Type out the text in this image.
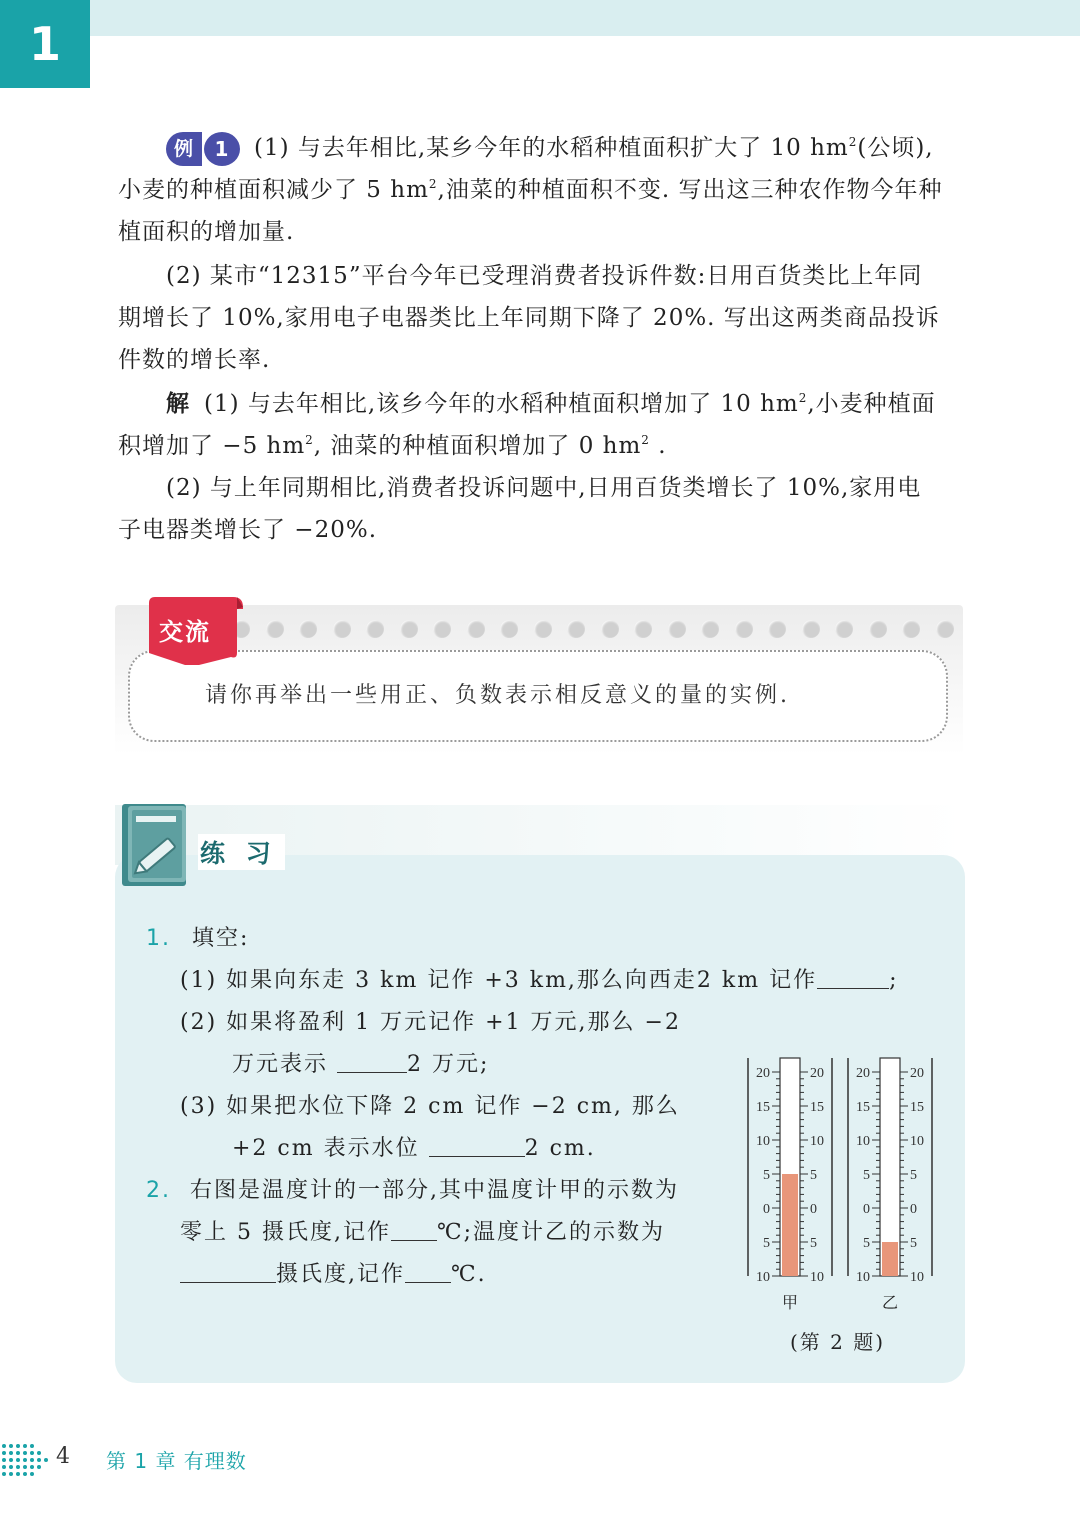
1
例	1	(1) 与去年相比,某乡今年的水稻种植面积扩大了 10 $hm^2$(公顷),
小麦的种植面积减少了 5 $hm^2$,油菜的种植面积不变. 写出这三种农作物今年种
植面积的增加量.
(2) 某市“12315”平台今年已受理消费者投诉件数:日用百货类比上年同
期增长了 10%,家用电子电器类比上年同期下降了 20%. 写出这两类商品投诉
件数的增长率.
解 (1) 与去年相比,该乡今年的水稻种植面积增加了 10 $hm^2$,小麦种植面
积增加了 −5 $hm^2$, 油菜的种植面积增加了 0 $hm^2$ .
(2) 与上年同期相比,消费者投诉问题中,日用百货类增长了 10%,家用电
子电器类增长了 −20%.
交流
请你再举出一些用正、负数表示相反意义的量的实例.
练 习
1. 填空:
(1) 如果向东走 3 km 记作 +3 km,那么向西走2 km 记作	;
(2) 如果将盈利 1 万元记作 +1 万元,那么 −2
万元表示	2 万元;
(3) 如果把水位下降 2 cm 记作 −2 cm, 那么
+2 cm 表示水位	2 cm.
2. 右图是温度计的一部分,其中温度计甲的示数为
零上 5 摄氏度,记作 ℃;温度计乙的示数为
摄氏度,记作 ℃.
20	20
15	15
10	10
5	5
0	0
5	5
10	10
甲
20	20
15	15
10	10
5	5
0	0
5	5
10	10
乙
(第 2 题)
4 第 1 章 有理数
